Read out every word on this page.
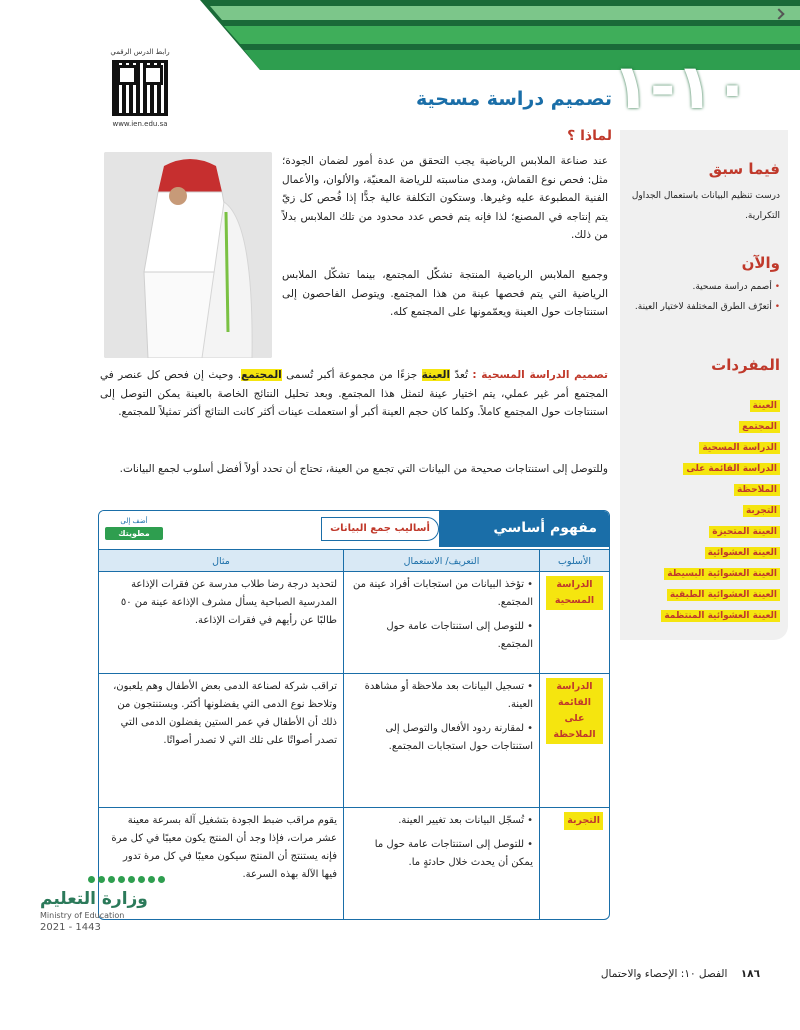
١٠-١
رابط الدرس الرقمي
www.ien.edu.sa
تصميم دراسة مسحية
لماذا ؟

عند صناعة الملابس الرياضية يجب التحقق من عدة أمور لضمان الجودة؛ مثل: فحص نوع القماش، ومدى مناسبته للرياضة المعنيّة، والألوان، والأعمال الفنية المطبوعة عليه وغيرها. وستكون التكلفة عالية جدًّا إذا فُحص كل زيّ يتم إنتاجه في المصنع؛ لذا فإنه يتم فحص عدد محدود من تلك الملابس بدلاً من ذلك.

وجميع الملابس الرياضية المنتجة تشكّل المجتمع، بينما تشكّل الملابس الرياضية التي يتم فحصها عينة من هذا المجتمع. ويتوصل الفاحصون إلى استنتاجات حول العينة ويعمّمونها على المجتمع كله.

تصميم الدراسة المسحية : تُعدّ العينة جزءًا من مجموعة أكبر تُسمى المجتمع. وحيث إن فحص كل عنصر في المجتمع أمر غير عملي، يتم اختيار عينة لتمثل هذا المجتمع. وبعد تحليل النتائج الخاصة بالعينة يمكن التوصل إلى استنتاجات حول المجتمع كاملاً. وكلما كان حجم العينة أكبر أو استعملت عينات أكثر كانت النتائج أكثر تمثيلاً للمجتمع.

وللتوصل إلى استنتاجات صحيحة من البيانات التي تجمع من العينة، تحتاج أن تحدد أولاً أفضل أسلوب لجمع البيانات.

فيما سبق
درست تنظيم البيانات باستعمال الجداول التكرارية.
والآن
• أصمم دراسة مسحية.
• أتعرّف الطرق المختلفة لاختيار العينة.
المفردات
العينة
المجتمع
الدراسة المسحية
الدراسة القائمة على
الملاحظة
التجربة
العينة المتحيزة
العينة العشوائية
العينة العشوائية البسيطة
العينة العشوائية الطبقية
العينة العشوائية المنتظمة
مفهوم أساسي
أساليب جمع البيانات
أضف إلى
مطويتك
الأسلوب
التعريف/ الاستعمال
مثال
الدراسة المسحية
•تؤخذ البيانات من استجابات أفراد عينة من المجتمع.
•للتوصل إلى استنتاجات عامة حول المجتمع.
لتحديد درجة رضا طلاب مدرسة عن فقرات الإذاعة المدرسية الصباحية يسأل مشرف الإذاعة عينة من ٥٠ طالبًا عن رأيهم في فقرات الإذاعة.
الدراسة القائمة على الملاحظة
•تسجيل البيانات بعد ملاحظة أو مشاهدة العينة.
•لمقارنة ردود الأفعال والتوصل إلى استنتاجات حول استجابات المجتمع.
تراقب شركة لصناعة الدمى بعض الأطفال وهم يلعبون، وتلاحظ نوع الدمى التي يفضلونها أكثر. ويستنتجون من ذلك أن الأطفال في عمر الستين يفضلون الدمى التي تصدر أصواتًا على تلك التي لا تصدر أصواتًا.
التجربة
•تُسجّل البيانات بعد تغيير العينة.
•للتوصل إلى استنتاجات عامة حول ما يمكن أن يحدث خلال حادثةٍ ما.
يقوم مراقب ضبط الجودة بتشغيل آلة بسرعة معينة عشر مرات، فإذا وجد أن المنتج يكون معيبًا في كل مرة فإنه يستنتج أن المنتج سيكون معيبًا في كل مرة تدور فيها الآلة بهذه السرعة.
وزارة التعليم
Ministry of Education
2021 - 1443
١٨٦ الفصل ١٠: الإحصاء والاحتمال
